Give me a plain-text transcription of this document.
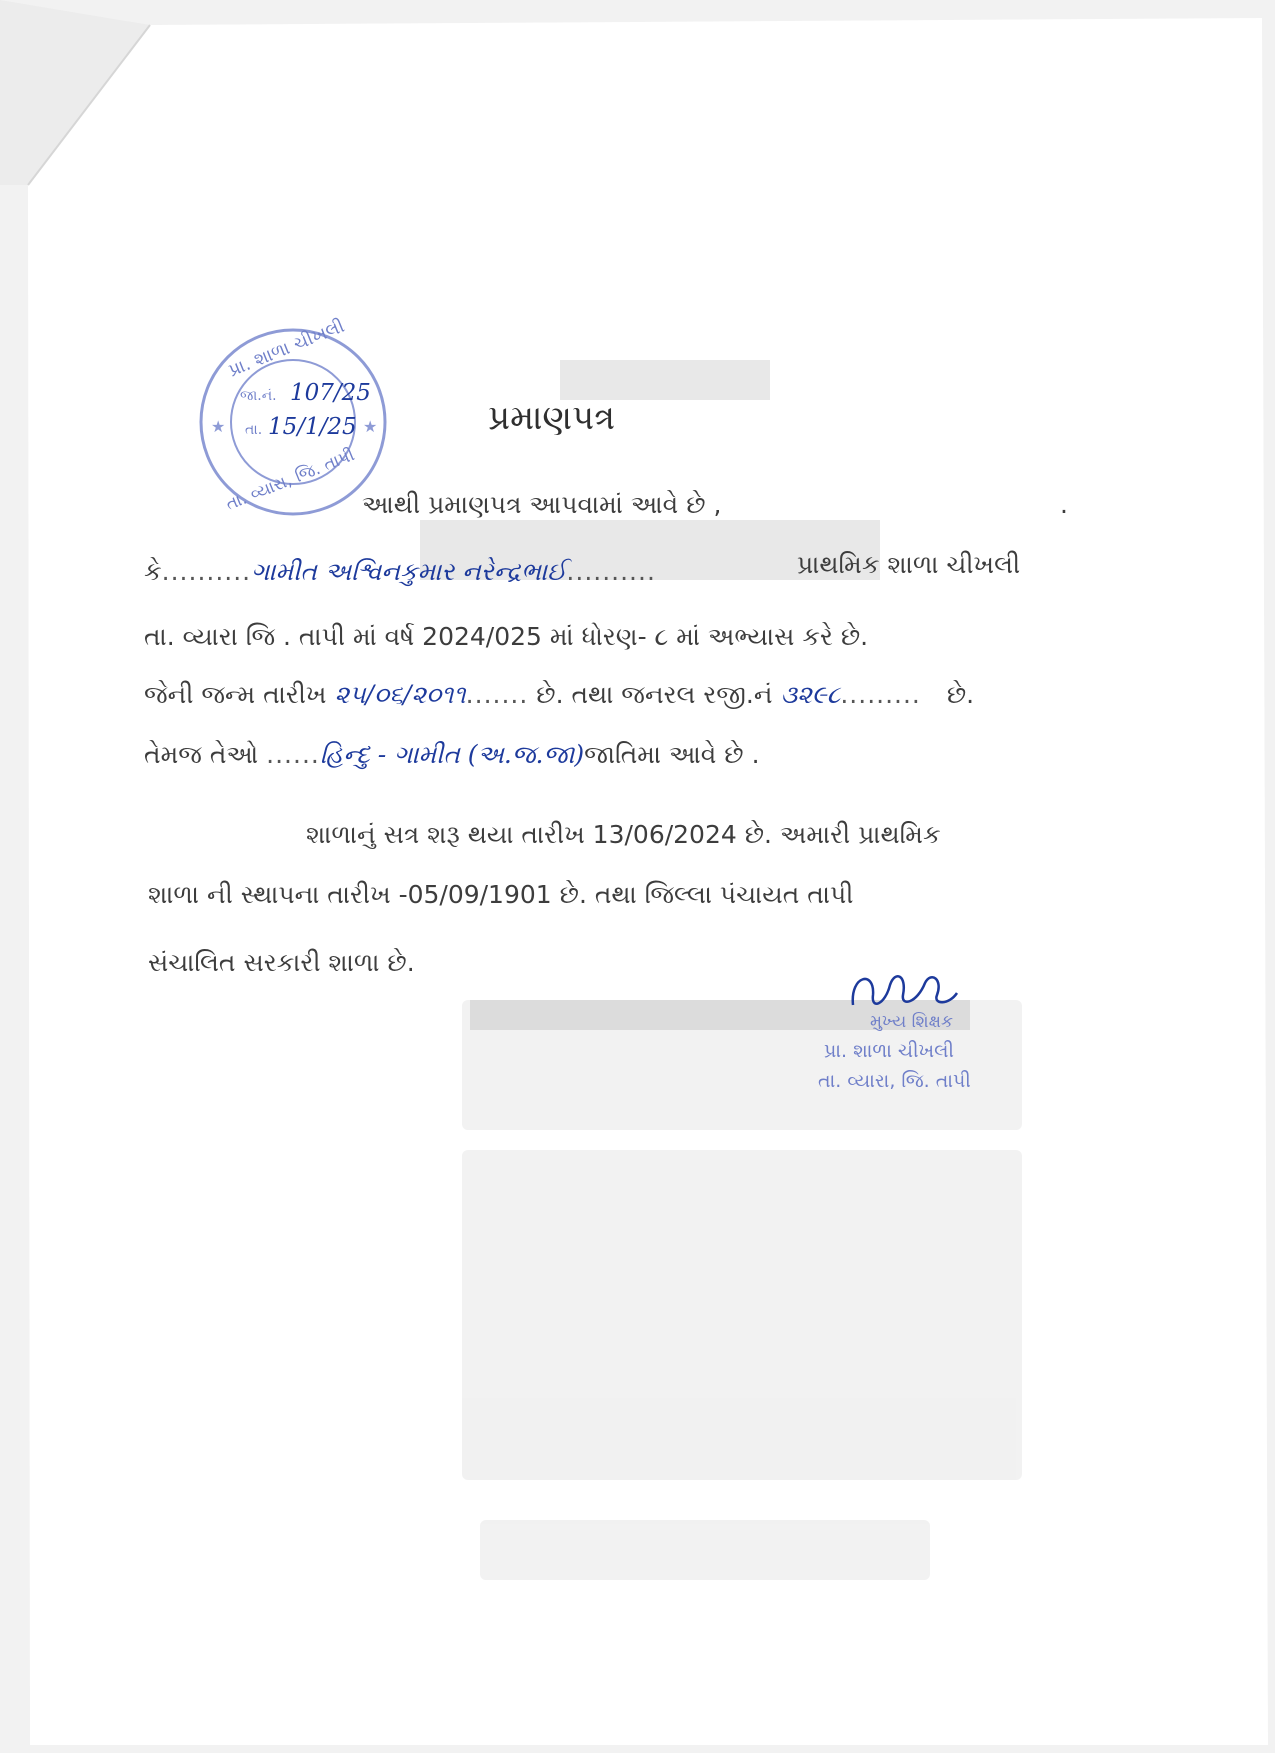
★	★
પ્રા. શાળા ચીખલી
તા. વ્યારા, જિ. તાપી
જા.નં. 107/25
તા. 15/1/25	પ્રમાણપત્ર
આથી પ્રમાણપત્ર આપવામાં આવે છે ,	.
કે..........ગામીત અશ્વિનકુમાર નરેન્દ્રભાઈ..........	પ્રાથમિક શાળા ચીખલી
તા. વ્યારા જિ . તાપી માં વર્ષ 2024/025 માં ધોરણ- ૮ માં અભ્યાસ કરે છે.
જેની જન્મ તારીખ ૨૫/૦૬/૨૦૧૧....... છે. તથા જનરલ રજી.નં ૩૨૯૮......... છે.
તેમજ તેઓ ......હિન્દુ - ગામીત (અ.જ.જા)જાતિમા આવે છે .
શાળાનું સત્ર શરૂ થયા તારીખ 13/06/2024 છે. અમારી પ્રાથમિક
શાળા ની સ્થાપના તારીખ -05/09/1901 છે. તથા જિલ્લા પંચાયત તાપી
સંચાલિત સરકારી શાળા છે.
મુખ્ય શિક્ષક
પ્રા. શાળા ચીખલી
તા. વ્યારા, જિ. તાપી
